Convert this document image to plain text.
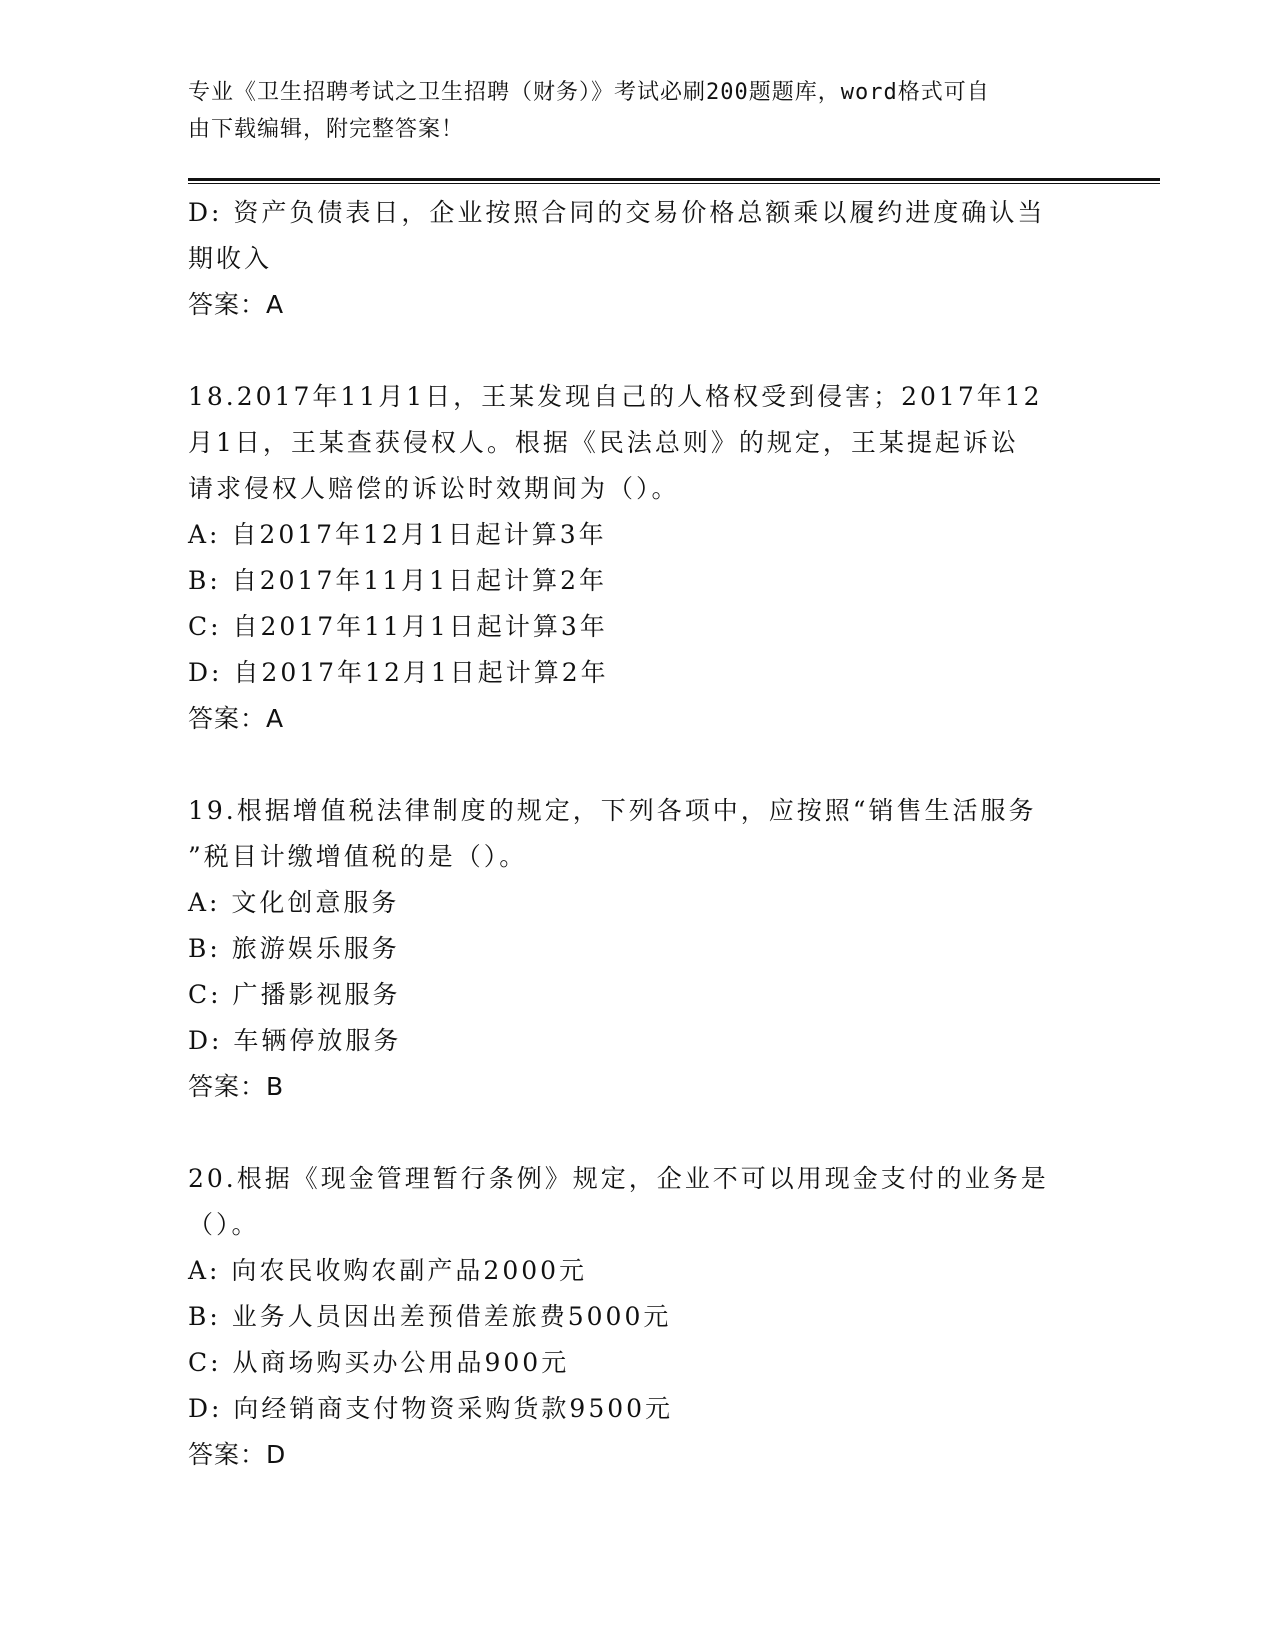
专业《卫生招聘考试之卫生招聘（财务）》考试必刷200题题库，word格式可自
由下载编辑，附完整答案！
D: 资产负债表日，企业按照合同的交易价格总额乘以履约进度确认当
期收入
答案：A
18.2017年11月1日，王某发现自己的人格权受到侵害；2017年12
月1日，王某查获侵权人。根据《民法总则》的规定，王某提起诉讼
请求侵权人赔偿的诉讼时效期间为（）。
A: 自2017年12月1日起计算3年
B: 自2017年11月1日起计算2年
C: 自2017年11月1日起计算3年
D: 自2017年12月1日起计算2年
答案：A
19.根据增值税法律制度的规定，下列各项中，应按照“销售生活服务
”税目计缴增值税的是（）。
A: 文化创意服务
B: 旅游娱乐服务
C: 广播影视服务
D: 车辆停放服务
答案：B
20.根据《现金管理暂行条例》规定，企业不可以用现金支付的业务是
（）。
A: 向农民收购农副产品2000元
B: 业务人员因出差预借差旅费5000元
C: 从商场购买办公用品900元
D: 向经销商支付物资采购货款9500元
答案：D
